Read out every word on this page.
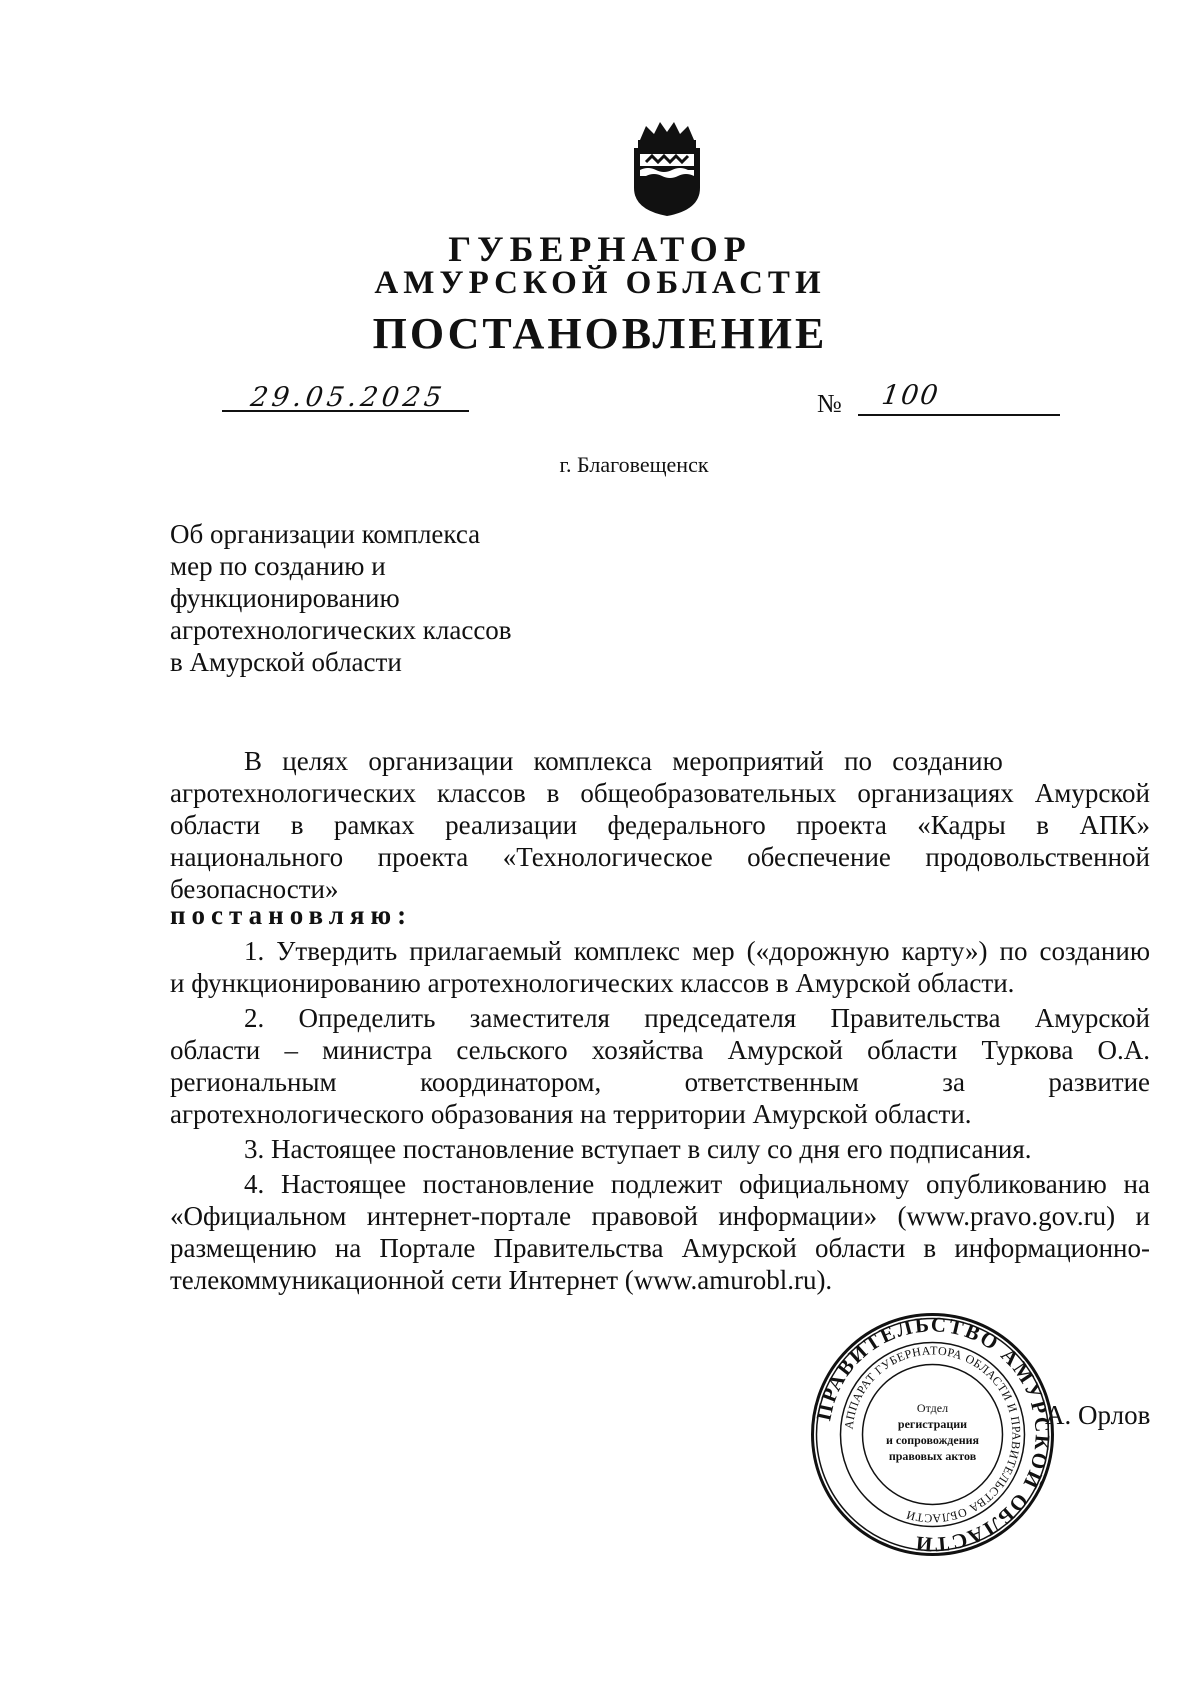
ГУБЕРНАТОР
АМУРСКОЙ ОБЛАСТИ
ПОСТАНОВЛЕНИЕ
29.05.2025	№ 100
г. Благовещенск
Об организации комплекса
мер по созданию и
функционированию
агротехнологических классов
в Амурской области
В   целях   организации   комплекса   мероприятий   по   созданию
агротехнологических классов в общеобразовательных организациях Амурской
области в рамках реализации федерального проекта «Кадры в АПК»
национального проекта «Технологическое обеспечение продовольственной
безопасности»
постановляю:
1. Утвердить прилагаемый комплекс мер («дорожную карту») по созданию
и функционированию агротехнологических классов в Амурской области.
2. Определить заместителя председателя Правительства Амурской
области – министра сельского хозяйства Амурской области Туркова О.А.
региональным координатором, ответственным за развитие
агротехнологического образования на территории Амурской области.
3. Настоящее постановление вступает в силу со дня его подписания.
4. Настоящее постановление подлежит официальному опубликованию на
«Официальном интернет-портале правовой информации» (www.pravo.gov.ru) и
размещению на Портале Правительства Амурской области в информационно-
телекоммуникационной сети Интернет (www.amurobl.ru).
А. Орлов
ПРАВИТЕЛЬСТВО АМУРСКОЙ ОБЛАСТИ
АППАРАТ ГУБЕРНАТОРА ОБЛАСТИ И ПРАВИТЕЛЬСТВА ОБЛАСТИ
Отдел
регистрации
и сопровождения
правовых актов
